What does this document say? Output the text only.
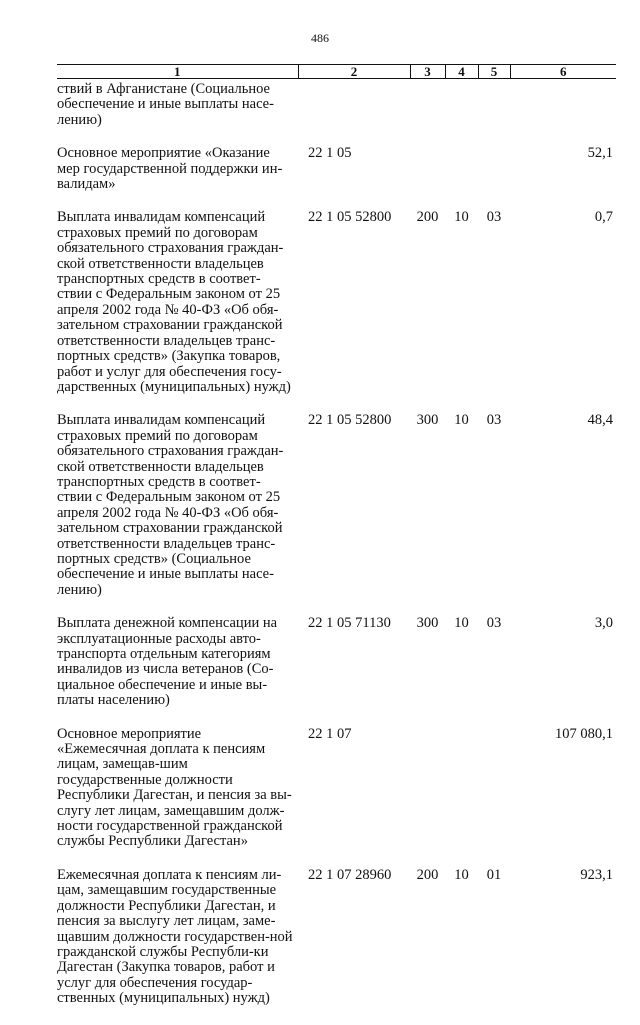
486
1	2	3	4	5	6
ствий в Афганистане (Социальное обеспечение и иные выплаты насе-лению)					
Основное мероприятие «Оказание мер государственной поддержки ин-валидам»	22 1 05				52,1
Выплата инвалидам компенсаций страховых премий по договорам обязательного страхования граждан-ской ответственности владельцев транспортных средств в соответ-ствии с Федеральным законом от 25 апреля 2002 года № 40-ФЗ «Об обя-зательном страховании гражданской ответственности владельцев транс-портных средств» (Закупка товаров, работ и услуг для обеспечения госу-дарственных (муниципальных) нужд)	22 1 05 52800	200	10	03	0,7
Выплата инвалидам компенсаций страховых премий по договорам обязательного страхования граждан-ской ответственности владельцев транспортных средств в соответ-ствии с Федеральным законом от 25 апреля 2002 года № 40-ФЗ «Об обя-зательном страховании гражданской ответственности владельцев транс-портных средств» (Социальное обеспечение и иные выплаты насе-лению)	22 1 05 52800	300	10	03	48,4
Выплата денежной компенсации на эксплуатационные расходы авто-транспорта отдельным категориям инвалидов из числа ветеранов (Со-циальное обеспечение и иные вы-платы населению)	22 1 05 71130	300	10	03	3,0
Основное мероприятие «Ежемесячная доплата к пенсиям лицам, замещав-шим государственные должности Республики Дагестан, и пенсия за вы-слугу лет лицам, замещавшим долж-ности государственной гражданской службы Республики Дагестан»	22 1 07				107 080,1
Ежемесячная доплата к пенсиям ли-цам, замещавшим государственные должности Республики Дагестан, и пенсия за выслугу лет лицам, заме-щавшим должности государствен-ной гражданской службы Республи-ки Дагестан (Закупка товаров, работ и услуг для обеспечения государ-ственных (муниципальных) нужд)	22 1 07 28960	200	10	01	923,1
